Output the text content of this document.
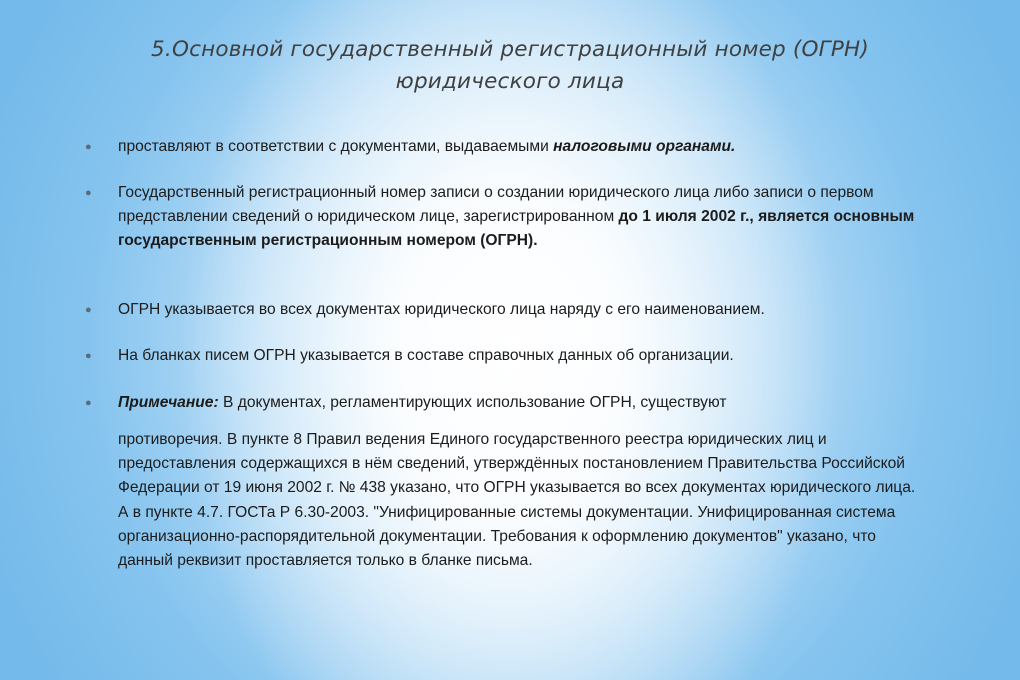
5.Основной государственный регистрационный номер (ОГРН)
юридического лица
● проставляют в соответствии с документами, выдаваемыми налоговыми органами.
● Государственный регистрационный номер записи о создании юридического лица либо записи о первом представлении сведений о юридическом лице, зарегистрированном до 1 июля 2002 г., является основным государственным регистрационным номером (ОГРН).
● ОГРН указывается во всех документах юридического лица наряду с его наименованием.
● На бланках писем ОГРН указывается в составе справочных данных об организации.
● Примечание: В документах, регламентирующих использование ОГРН, существуют
противоречия. В пункте 8 Правил ведения Единого государственного реестра юридических лиц и предоставления содержащихся в нём сведений, утверждённых постановлением Правительства Российской Федерации от 19 июня 2002 г. № 438 указано, что ОГРН указывается во всех документах юридического лица. А в пункте 4.7. ГОСТа Р 6.30-2003. "Унифицированные системы документации. Унифицированная система организационно-распорядительной документации. Требования к оформлению документов" указано, что данный реквизит проставляется только в бланке письма.
